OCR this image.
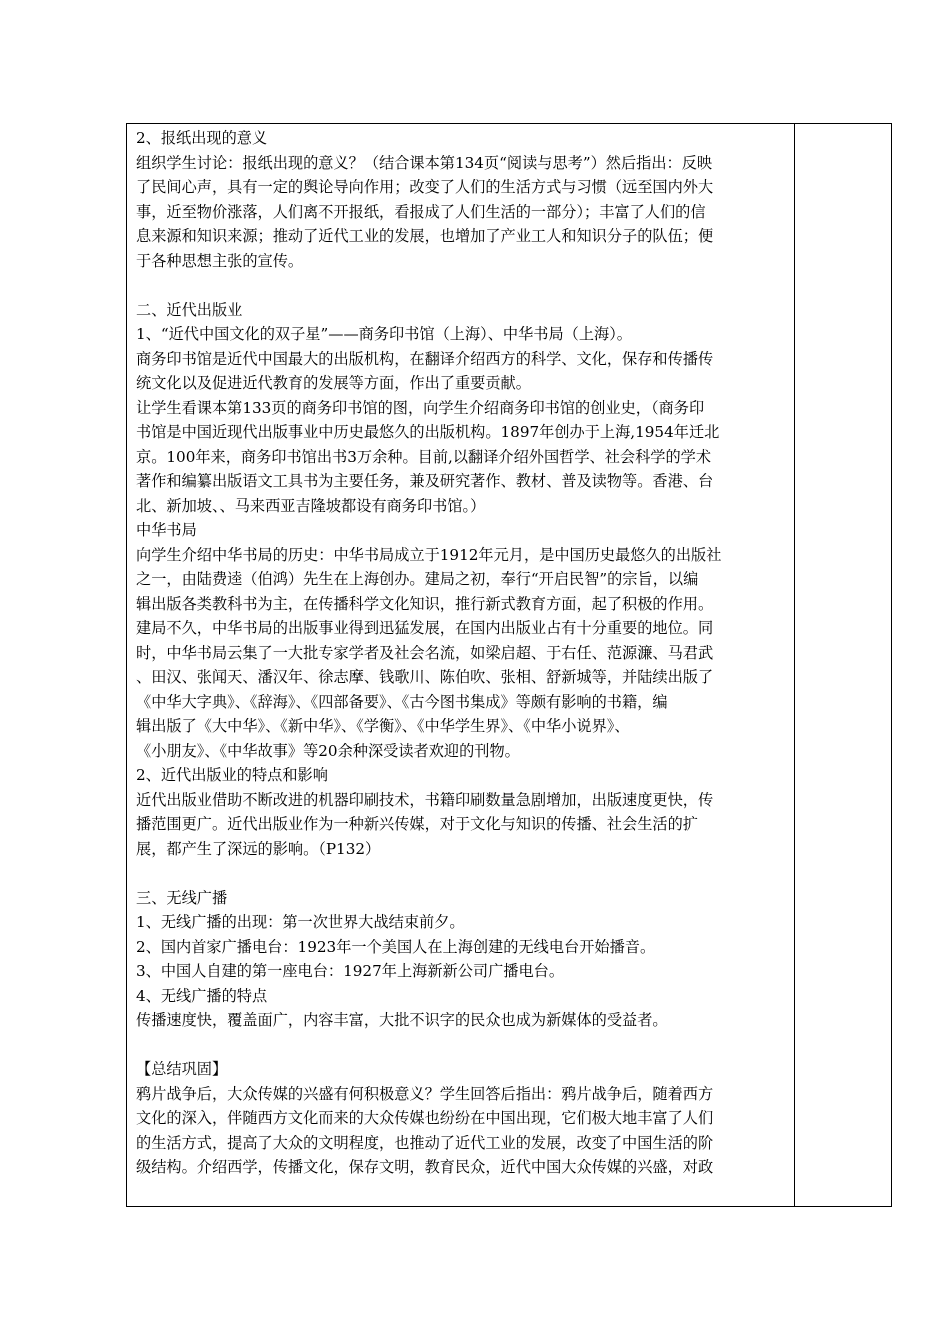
2、报纸出现的意义
组织学生讨论：报纸出现的意义？（结合课本第134页“阅读与思考”）然后指出：反映
了民间心声，具有一定的舆论导向作用；改变了人们的生活方式与习惯（远至国内外大
事，近至物价涨落，人们离不开报纸，看报成了人们生活的一部分）；丰富了人们的信
息来源和知识来源；推动了近代工业的发展，也增加了产业工人和知识分子的队伍；便
于各种思想主张的宣传。
二、近代出版业
1、“近代中国文化的双子星”——商务印书馆（上海）、中华书局（上海）。
商务印书馆是近代中国最大的出版机构，在翻译介绍西方的科学、文化，保存和传播传
统文化以及促进近代教育的发展等方面，作出了重要贡献。
让学生看课本第133页的商务印书馆的图，向学生介绍商务印书馆的创业史，（商务印
书馆是中国近现代出版事业中历史最悠久的出版机构。1897年创办于上海,1954年迁北
京。100年来，商务印书馆出书3万余种。目前,以翻译介绍外国哲学、社会科学的学术
著作和编纂出版语文工具书为主要任务，兼及研究著作、教材、普及读物等。香港、台
北、新加坡、、马来西亚吉隆坡都设有商务印书馆。）
中华书局
向学生介绍中华书局的历史：中华书局成立于1912年元月，是中国历史最悠久的出版社
之一，由陆费逵（伯鸿）先生在上海创办。建局之初，奉行“开启民智”的宗旨，以编
辑出版各类教科书为主，在传播科学文化知识，推行新式教育方面，起了积极的作用。
建局不久，中华书局的出版事业得到迅猛发展，在国内出版业占有十分重要的地位。同
时，中华书局云集了一大批专家学者及社会名流，如梁启超、于右任、范源濂、马君武
、田汉、张闻天、潘汉年、徐志摩、钱歌川、陈伯吹、张相、舒新城等，并陆续出版了
《中华大字典》、《辞海》、《四部备要》、《古今图书集成》等颇有影响的书籍，编
辑出版了《大中华》、《新中华》、《学衡》、《中华学生界》、《中华小说界》、
《小朋友》、《中华故事》等20余种深受读者欢迎的刊物。
2、近代出版业的特点和影响
近代出版业借助不断改进的机器印刷技术，书籍印刷数量急剧增加，出版速度更快，传
播范围更广。近代出版业作为一种新兴传媒，对于文化与知识的传播、社会生活的扩
展，都产生了深远的影响。（P132）
三、无线广播
1、无线广播的出现：第一次世界大战结束前夕。
2、国内首家广播电台：1923年一个美国人在上海创建的无线电台开始播音。
3、中国人自建的第一座电台：1927年上海新新公司广播电台。
4、无线广播的特点
传播速度快，覆盖面广，内容丰富，大批不识字的民众也成为新媒体的受益者。
【总结巩固】
鸦片战争后，大众传媒的兴盛有何积极意义？学生回答后指出：鸦片战争后，随着西方
文化的深入，伴随西方文化而来的大众传媒也纷纷在中国出现，它们极大地丰富了人们
的生活方式，提高了大众的文明程度，也推动了近代工业的发展，改变了中国生活的阶
级结构。介绍西学，传播文化，保存文明，教育民众，近代中国大众传媒的兴盛，对政
